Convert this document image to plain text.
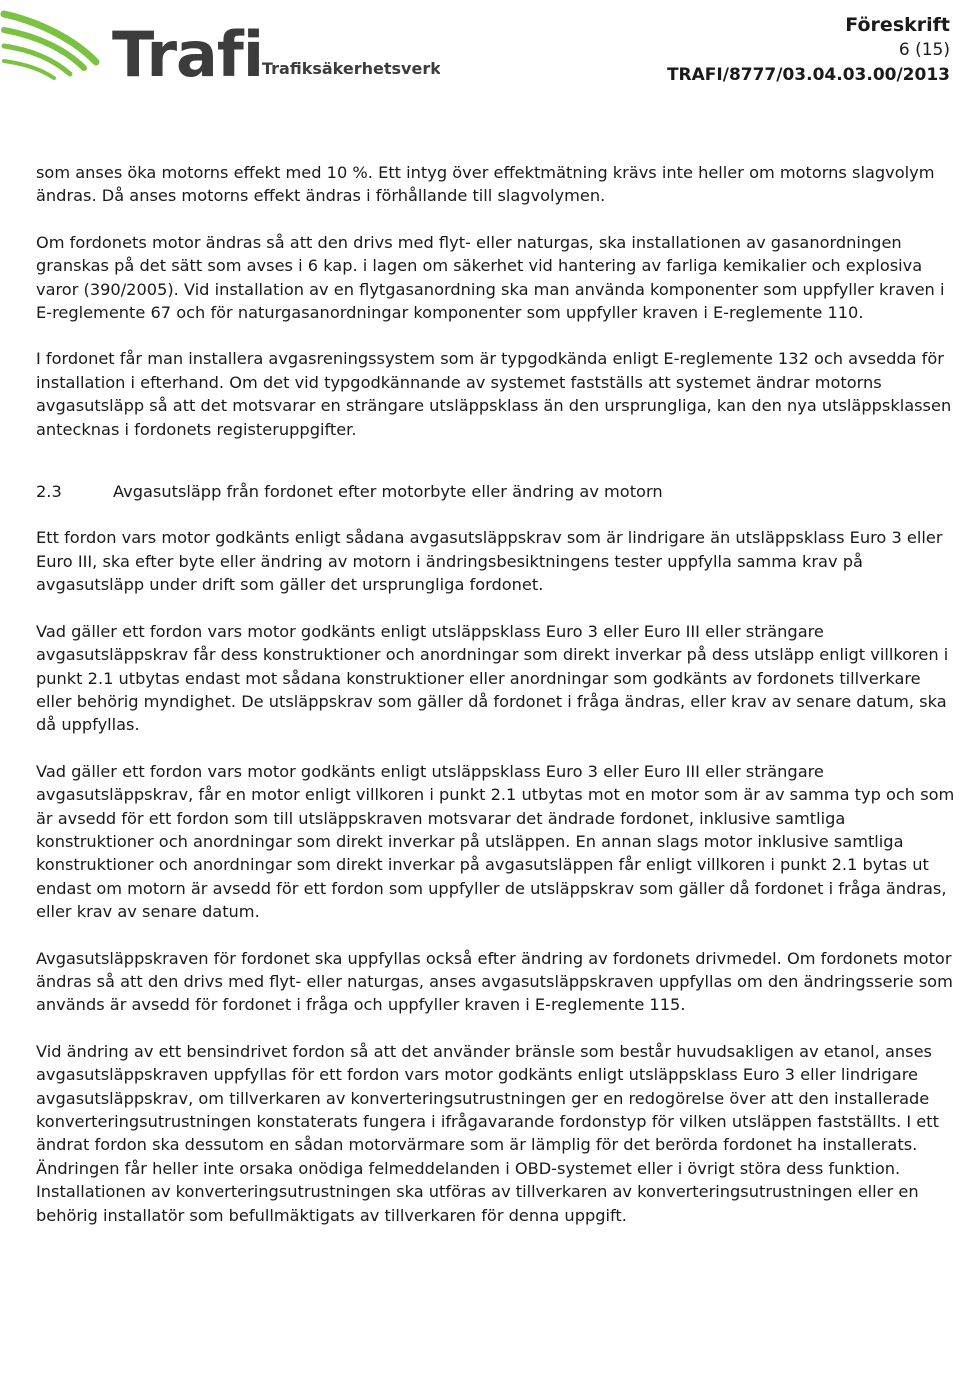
Trafi
Trafiksäkerhetsverket
Föreskrift
6 (15)
TRAFI/8777/03.04.03.00/2013

som anses öka motorns effekt med 10 %. Ett intyg över effektmätning krävs inte heller om motorns slagvolym ändras. Då anses motorns effekt ändras i förhållande till slagvolymen.

Om fordonets motor ändras så att den drivs med flyt- eller naturgas, ska installationen av gasanordningen granskas på det sätt som avses i 6 kap. i lagen om säkerhet vid hantering av farliga kemikalier och explosiva varor (390/2005). Vid installation av en flytgasanordning ska man använda komponenter som uppfyller kraven i E-reglemente 67 och för naturgasanordningar komponenter som uppfyller kraven i E-reglemente 110.

I fordonet får man installera avgasreningssystem som är typgodkända enligt E-reglemente 132 och avsedda för installation i efterhand. Om det vid typgodkännande av systemet fastställs att systemet ändrar motorns avgasutsläpp så att det motsvarar en strängare utsläppsklass än den ursprungliga, kan den nya utsläppsklassen antecknas i fordonets registeruppgifter.

2.3	Avgasutsläpp från fordonet efter motorbyte eller ändring av motorn

Ett fordon vars motor godkänts enligt sådana avgasutsläppskrav som är lindrigare än utsläppsklass Euro 3 eller Euro III, ska efter byte eller ändring av motorn i ändringsbesiktningens tester uppfylla samma krav på avgasutsläpp under drift som gäller det ursprungliga fordonet.

Vad gäller ett fordon vars motor godkänts enligt utsläppsklass Euro 3 eller Euro III eller strängare avgasutsläppskrav får dess konstruktioner och anordningar som direkt inverkar på dess utsläpp enligt villkoren i punkt 2.1 utbytas endast mot sådana konstruktioner eller anordningar som godkänts av fordonets tillverkare eller behörig myndighet. De utsläppskrav som gäller då fordonet i fråga ändras, eller krav av senare datum, ska då uppfyllas.

Vad gäller ett fordon vars motor godkänts enligt utsläppsklass Euro 3 eller Euro III eller strängare avgasutsläppskrav, får en motor enligt villkoren i punkt 2.1 utbytas mot en motor som är av samma typ och som är avsedd för ett fordon som till utsläppskraven motsvarar det ändrade fordonet, inklusive samtliga konstruktioner och anordningar som direkt inverkar på utsläppen. En annan slags motor inklusive samtliga konstruktioner och anordningar som direkt inverkar på avgasutsläppen får enligt villkoren i punkt 2.1 bytas ut endast om motorn är avsedd för ett fordon som uppfyller de utsläppskrav som gäller då fordonet i fråga ändras, eller krav av senare datum.

Avgasutsläppskraven för fordonet ska uppfyllas också efter ändring av fordonets drivmedel. Om fordonets motor ändras så att den drivs med flyt- eller naturgas, anses avgasutsläppskraven uppfyllas om den ändringsserie som används är avsedd för fordonet i fråga och uppfyller kraven i E-reglemente 115.

Vid ändring av ett bensindrivet fordon så att det använder bränsle som består huvudsakligen av etanol, anses avgasutsläppskraven uppfyllas för ett fordon vars motor godkänts enligt utsläppsklass Euro 3 eller lindrigare avgasutsläppskrav, om tillverkaren av konverteringsutrustningen ger en redogörelse över att den installerade konverteringsutrustningen konstaterats fungera i ifrågavarande fordonstyp för vilken utsläppen fastställts. I ett ändrat fordon ska dessutom en sådan motorvärmare som är lämplig för det berörda fordonet ha installerats. Ändringen får heller inte orsaka onödiga felmeddelanden i OBD-systemet eller i övrigt störa dess funktion. Installationen av konverteringsutrustningen ska utföras av tillverkaren av konverteringsutrustningen eller en behörig installatör som befullmäktigats av tillverkaren för denna uppgift.
